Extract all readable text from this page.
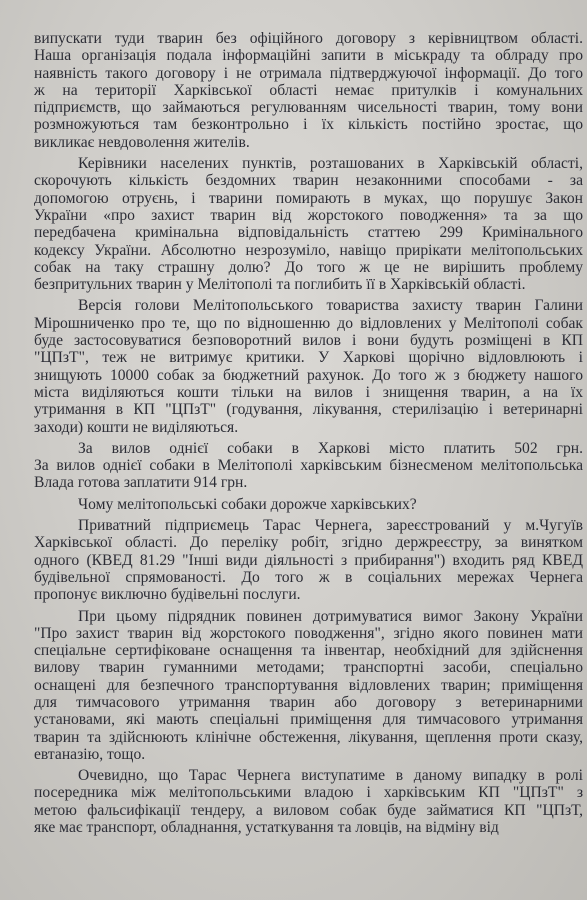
випускати туди тварин без офіційного договору з керівництвом області.
Наша організація подала інформаційні запити в міськраду та облраду про
наявність такого договору і не отримала підтверджуючої інформації. До того
ж на території Харківської області немає притулків і комунальних
підприємств, що займаються регулюванням чисельності тварин, тому вони
розмножуються там безконтрольно і їх кількість постійно зростає, що
викликає невдоволення жителів.

Керівники населених пунктів, розташованих в Харківській області,
скорочують кількість бездомних тварин незаконними способами - за
допомогою отруєнь, і тварини помирають в муках, що порушує Закон
України «про захист тварин від жорстокого поводження» та за що
передбачена кримінальна відповідальність статтею 299 Кримінального
кодексу України. Абсолютно незрозуміло, навіщо прирікати мелітопольських
собак на таку страшну долю? До того ж це не вирішить проблему
безпритульних тварин у Мелітополі та поглибить її в Харківській області.

Версія голови Мелітопольського товариства захисту тварин Галини
Мірошниченко про те, що по відношенню до відловлених у Мелітополі собак
буде застосовуватися безповоротний вилов і вони будуть розміщені в КП
"ЦПзТ", теж не витримує критики. У Харкові щорічно відловлюють і
знищують 10000 собак за бюджетний рахунок. До того ж з бюджету нашого
міста виділяються кошти тільки на вилов і знищення тварин, а на їх
утримання в КП "ЦПзТ" (годування, лікування, стерилізацію і ветеринарні
заходи) кошти не виділяються.

За вилов однієї собаки в Харкові місто платить 502 грн.
За вилов однієї собаки в Мелітополі харківським бізнесменом мелітопольська
Влада готова заплатити 914 грн.

Чому мелітопольські собаки дорожче харківських?

Приватний підприємець Тарас Чернега, зареєстрований у м.Чугуїв
Харківської області. До переліку робіт, згідно держреєстру, за винятком
одного (КВЕД 81.29 "Інші види діяльності з прибирання") входить ряд КВЕД
будівельної спрямованості. До того ж в соціальних мережах Чернега
пропонує виключно будівельні послуги.

При цьому підрядник повинен дотримуватися вимог Закону України
"Про захист тварин від жорстокого поводження", згідно якого повинен мати
спеціальне сертифіковане оснащення та інвентар, необхідний для здійснення
вилову тварин гуманними методами; транспортні засоби, спеціально
оснащені для безпечного транспортування відловлених тварин; приміщення
для тимчасового утримання тварин або договору з ветеринарними
установами, які мають спеціальні приміщення для тимчасового утримання
тварин та здійснюють клінічне обстеження, лікування, щеплення проти сказу,
евтаназію, тощо.

Очевидно, що Тарас Чернега виступатиме в даному випадку в ролі
посередника між мелітопольськими владою і харківським КП "ЦПзТ" з
метою фальсифікації тендеру, а виловом собак буде займатися КП "ЦПзТ,
яке має транспорт, обладнання, устаткування та ловців, на відміну від
